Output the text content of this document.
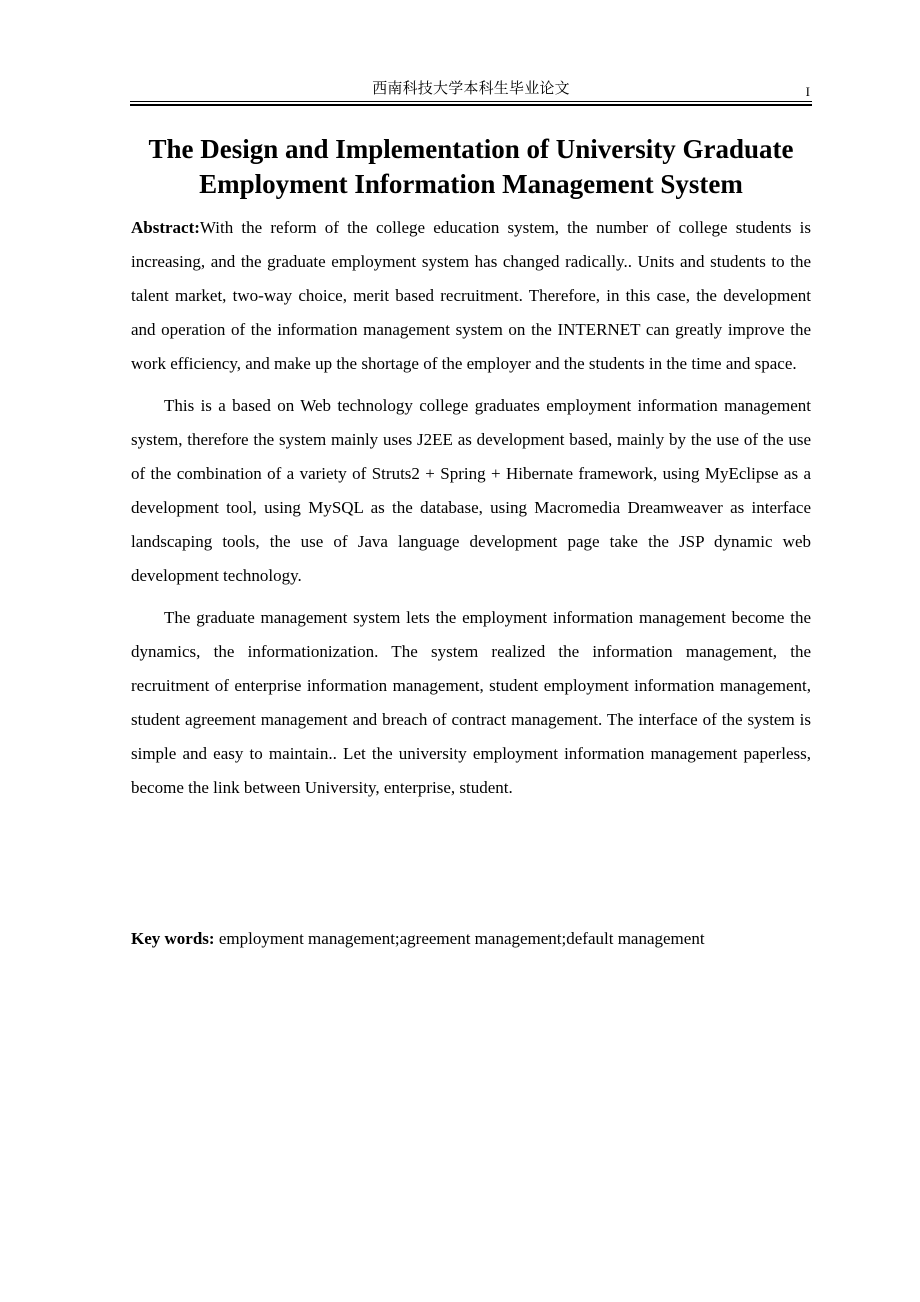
西南科技大学本科生毕业论文	I
The Design and Implementation of University Graduate
Employment Information Management System

Abstract:With the reform of the college education system, the number of college students is increasing, and the graduate employment system has changed radically.. Units and students to the talent market, two-way choice, merit based recruitment. Therefore, in this case, the development and operation of the information management system on the INTERNET can greatly improve the work efficiency, and make up the shortage of the employer and the students in the time and space.

This is a based on Web technology college graduates employment information management system, therefore the system mainly uses J2EE as development based, mainly by the use of the use of the combination of a variety of Struts2 + Spring + Hibernate framework, using MyEclipse as a development tool, using MySQL as the database, using Macromedia Dreamweaver as interface landscaping tools, the use of Java language development page take the JSP dynamic web development technology.

The graduate management system lets the employment information management become the dynamics, the informationization. The system realized the information management, the recruitment of enterprise information management, student employment information management, student agreement management and breach of contract management. The interface of the system is simple and easy to maintain.. Let the university employment information management paperless, become the link between University, enterprise, student.

Key words: employment management;agreement management;default management
